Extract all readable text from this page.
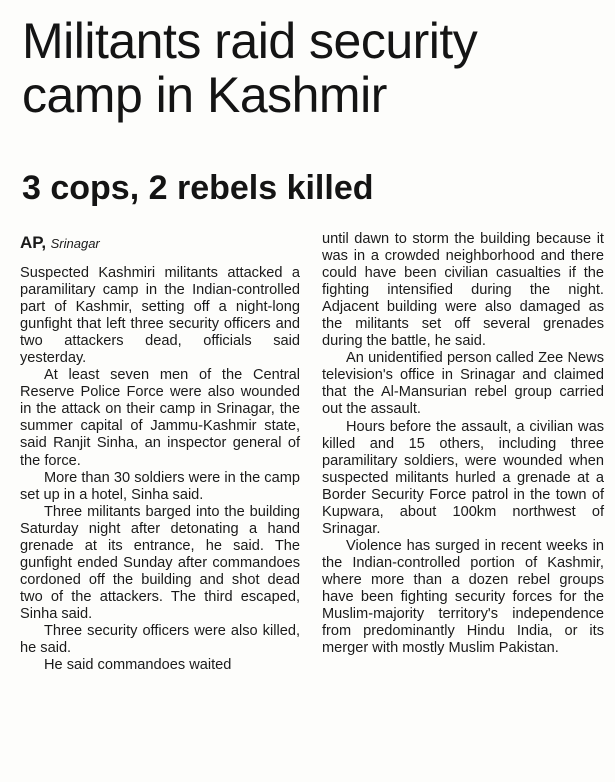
Militants raid security
camp in Kashmir
3 cops, 2 rebels killed

AP, Srinagar

Suspected Kashmiri militants attacked a paramilitary camp in the Indian-controlled part of Kashmir, setting off a night-long gunfight that left three security officers and two attackers dead, officials said yesterday.

At least seven men of the Central Reserve Police Force were also wounded in the attack on their camp in Srinagar, the summer capital of Jammu-Kashmir state, said Ranjit Sinha, an inspector general of the force.

More than 30 soldiers were in the camp set up in a hotel, Sinha said.

Three militants barged into the building Saturday night after detonating a hand grenade at its entrance, he said. The gunfight ended Sunday after commandoes cordoned off the building and shot dead two of the attackers. The third escaped, Sinha said.

Three security officers were also killed, he said.

He said commandoes waited

until dawn to storm the building because it was in a crowded neighborhood and there could have been civilian casualties if the fighting intensified during the night. Adjacent building were also damaged as the militants set off several grenades during the battle, he said.

An unidentified person called Zee News television's office in Srinagar and claimed that the Al-Mansurian rebel group carried out the assault.

Hours before the assault, a civilian was killed and 15 others, including three paramilitary soldiers, were wounded when suspected militants hurled a grenade at a Border Security Force patrol in the town of Kupwara, about 100km northwest of Srinagar.

Violence has surged in recent weeks in the Indian-controlled portion of Kashmir, where more than a dozen rebel groups have been fighting security forces for the Muslim-majority territory's independence from predominantly Hindu India, or its merger with mostly Muslim Pakistan.
